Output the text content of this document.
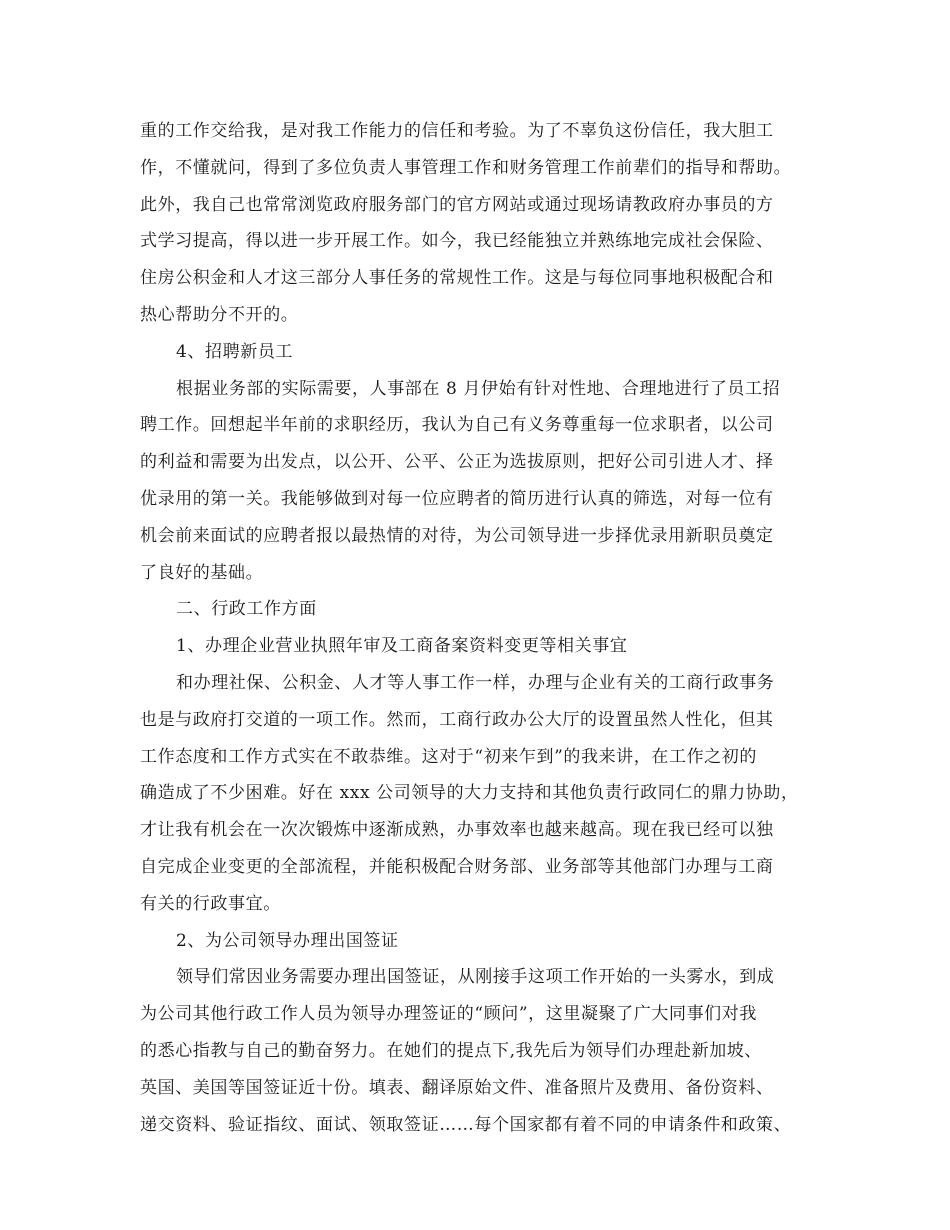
重的工作交给我，是对我工作能力的信任和考验。为了不辜负这份信任，我大胆工
作，不懂就问，得到了多位负责人事管理工作和财务管理工作前辈们的指导和帮助。
此外，我自己也常常浏览政府服务部门的官方网站或通过现场请教政府办事员的方
式学习提高，得以进一步开展工作。如今，我已经能独立并熟练地完成社会保险、
住房公积金和人才这三部分人事任务的常规性工作。这是与每位同事地积极配合和
热心帮助分不开的。
4、招聘新员工
根据业务部的实际需要，人事部在 8 月伊始有针对性地、合理地进行了员工招
聘工作。回想起半年前的求职经历，我认为自己有义务尊重每一位求职者，以公司
的利益和需要为出发点，以公开、公平、公正为选拔原则，把好公司引进人才、择
优录用的第一关。我能够做到对每一位应聘者的简历进行认真的筛选，对每一位有
机会前来面试的应聘者报以最热情的对待，为公司领导进一步择优录用新职员奠定
了良好的基础。
二、行政工作方面
1、办理企业营业执照年审及工商备案资料变更等相关事宜
和办理社保、公积金、人才等人事工作一样，办理与企业有关的工商行政事务
也是与政府打交道的一项工作。然而，工商行政办公大厅的设置虽然人性化，但其
工作态度和工作方式实在不敢恭维。这对于“初来乍到”的我来讲，在工作之初的
确造成了不少困难。好在 xxx 公司领导的大力支持和其他负责行政同仁的鼎力协助，
才让我有机会在一次次锻炼中逐渐成熟，办事效率也越来越高。现在我已经可以独
自完成企业变更的全部流程，并能积极配合财务部、业务部等其他部门办理与工商
有关的行政事宜。
2、为公司领导办理出国签证
领导们常因业务需要办理出国签证，从刚接手这项工作开始的一头雾水，到成
为公司其他行政工作人员为领导办理签证的“顾问”，这里凝聚了广大同事们对我
的悉心指教与自己的勤奋努力。在她们的提点下,我先后为领导们办理赴新加坡、
英国、美国等国签证近十份。填表、翻译原始文件、准备照片及费用、备份资料、
递交资料、验证指纹、面试、领取签证……每个国家都有着不同的申请条件和政策、
